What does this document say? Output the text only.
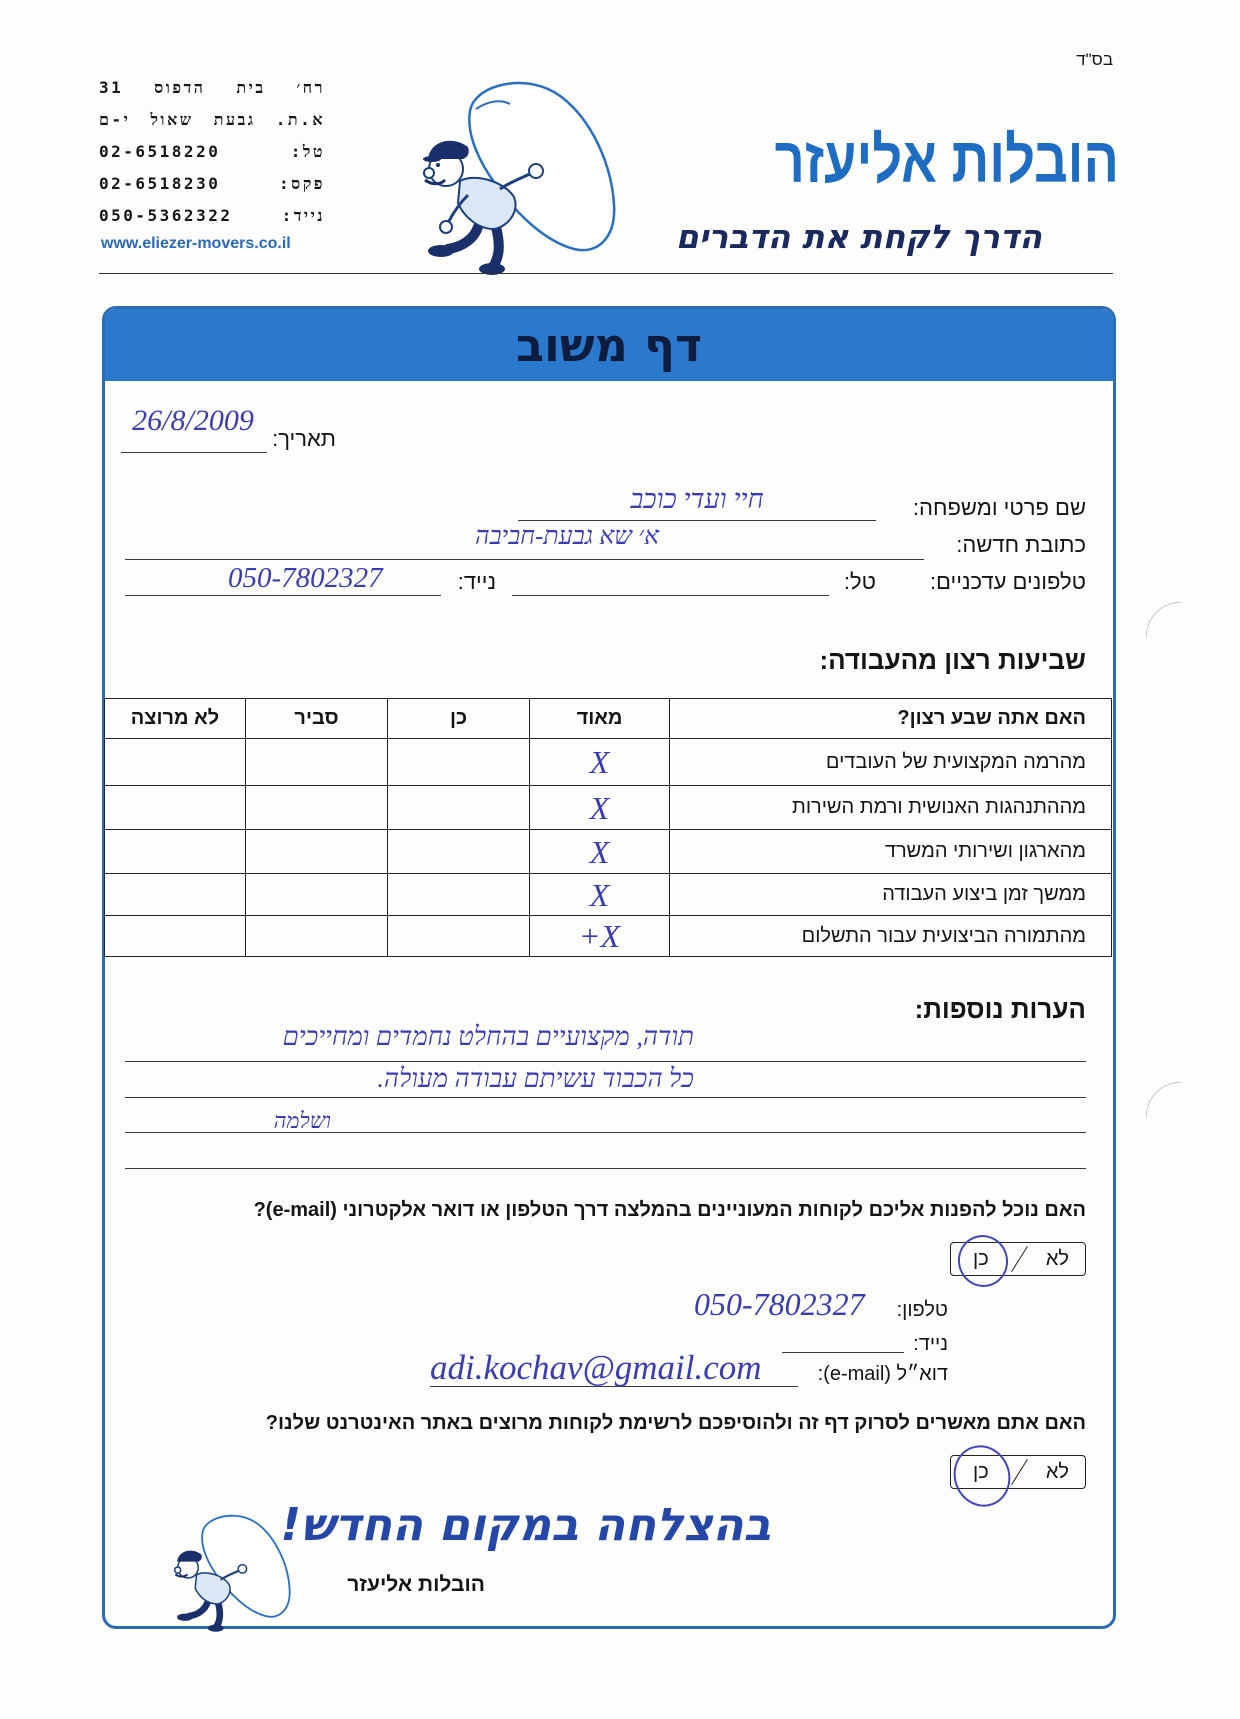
בס"ד
רח׳ בית הדפוס 31
א.ת. גבעת שאול י-ם
טל: 02-6518220
פקס: 02-6518230
נייד: 050-5362322
www.eliezer-movers.co.il
הובלות אליעזר
הדרך לקחת את הדברים
דף משוב
תאריך:
26/8/2009
שם פרטי ומשפחה:
חיי ועדי כוכב
כתובת חדשה:
א׳ שא גבעת-חביבה
טלפונים עדכניים:
טל:
נייד:
050-7802327
שביעות רצון מהעבודה:
האם אתה שבע רצון?	מאוד	כן	סביר	לא מרוצה
מהרמה המקצועית של העובדים	X			
מההתנהגות האנושית ורמת השירות	X			
מהארגון ושירותי המשרד	X			
ממשך זמן ביצוע העבודה	X			
מהתמורה הביצועית עבור התשלום	X+			
הערות נוספות:
תודה, מקצועיים בהחלט נחמדים ומחייכים
כל הכבוד עשיתם עבודה מעולה.
ושלמה
האם נוכל להפנות אליכם לקוחות המעוניינים בהמלצה דרך הטלפון או דואר אלקטרוני (e-mail)?
לא
כן
טלפון:
050-7802327
נייד:
דוא״ל (e-mail):
adi.kochav@gmail.com
האם אתם מאשרים לסרוק דף זה ולהוסיפכם לרשימת לקוחות מרוצים באתר האינטרנט שלנו?
לא
כן
בהצלחה במקום החדש!
הובלות אליעזר
